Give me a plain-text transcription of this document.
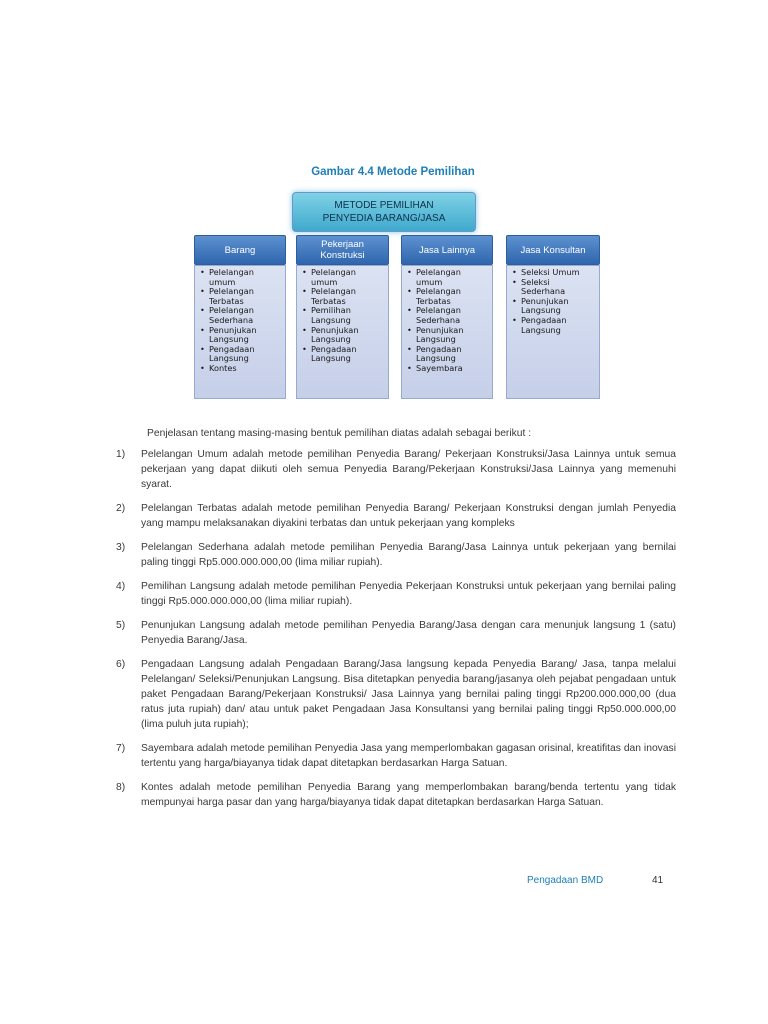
Gambar 4.4 Metode Pemilihan
METODE PEMILIHAN
PENYEDIA BARANG/JASA
Barang
• Pelelangan umum
• Pelelangan Terbatas
• Pelelangan Sederhana
• Penunjukan Langsung
• Pengadaan Langsung
• Kontes
Pekerjaan
Konstruksi
• Pelelangan umum
• Pelelangan Terbatas
• Pemilihan Langsung
• Penunjukan Langsung
• Pengadaan Langsung
Jasa Lainnya
• Pelelangan umum
• Pelelangan Terbatas
• Pelelangan Sederhana
• Penunjukan Langsung
• Pengadaan Langsung
• Sayembara
Jasa Konsultan
• Seleksi Umum
• Seleksi Sederhana
• Penunjukan Langsung
• Pengadaan Langsung
Penjelasan tentang masing-masing bentuk pemilihan diatas adalah sebagai berikut :
1)	Pelelangan Umum adalah metode pemilihan Penyedia Barang/ Pekerjaan Konstruksi/Jasa Lainnya untuk semua pekerjaan yang dapat diikuti oleh semua Penyedia Barang/Pekerjaan Konstruksi/Jasa Lainnya yang memenuhi syarat.
2)	Pelelangan Terbatas adalah metode pemilihan Penyedia Barang/ Pekerjaan Konstruksi dengan jumlah Penyedia yang mampu melaksanakan diyakini terbatas dan untuk pekerjaan yang kompleks
3)	Pelelangan Sederhana adalah metode pemilihan Penyedia Barang/Jasa Lainnya untuk pekerjaan yang bernilai paling tinggi Rp5.000.000.000,00 (lima miliar rupiah).
4)	Pemilihan Langsung adalah metode pemilihan Penyedia Pekerjaan Konstruksi untuk pekerjaan yang bernilai paling tinggi Rp5.000.000.000,00 (lima miliar rupiah).
5)	Penunjukan Langsung adalah metode pemilihan Penyedia Barang/Jasa dengan cara menunjuk langsung 1 (satu) Penyedia Barang/Jasa.
6)	Pengadaan Langsung adalah Pengadaan Barang/Jasa langsung kepada Penyedia Barang/ Jasa, tanpa melalui Pelelangan/ Seleksi/Penunjukan Langsung. Bisa ditetapkan penyedia barang/jasanya oleh pejabat pengadaan untuk paket Pengadaan Barang/Pekerjaan Konstruksi/ Jasa Lainnya yang bernilai paling tinggi Rp200.000.000,00 (dua ratus juta rupiah) dan/ atau untuk paket Pengadaan Jasa Konsultansi yang bernilai paling tinggi Rp50.000.000,00 (lima puluh juta rupiah);
7)	Sayembara adalah metode pemilihan Penyedia Jasa yang memperlombakan gagasan orisinal, kreatifitas dan inovasi tertentu yang harga/biayanya tidak dapat ditetapkan berdasarkan Harga Satuan.
8)	Kontes adalah metode pemilihan Penyedia Barang yang memperlombakan barang/benda tertentu yang tidak mempunyai harga pasar dan yang harga/biayanya tidak dapat ditetapkan berdasarkan Harga Satuan.
Pengadaan BMD	41
